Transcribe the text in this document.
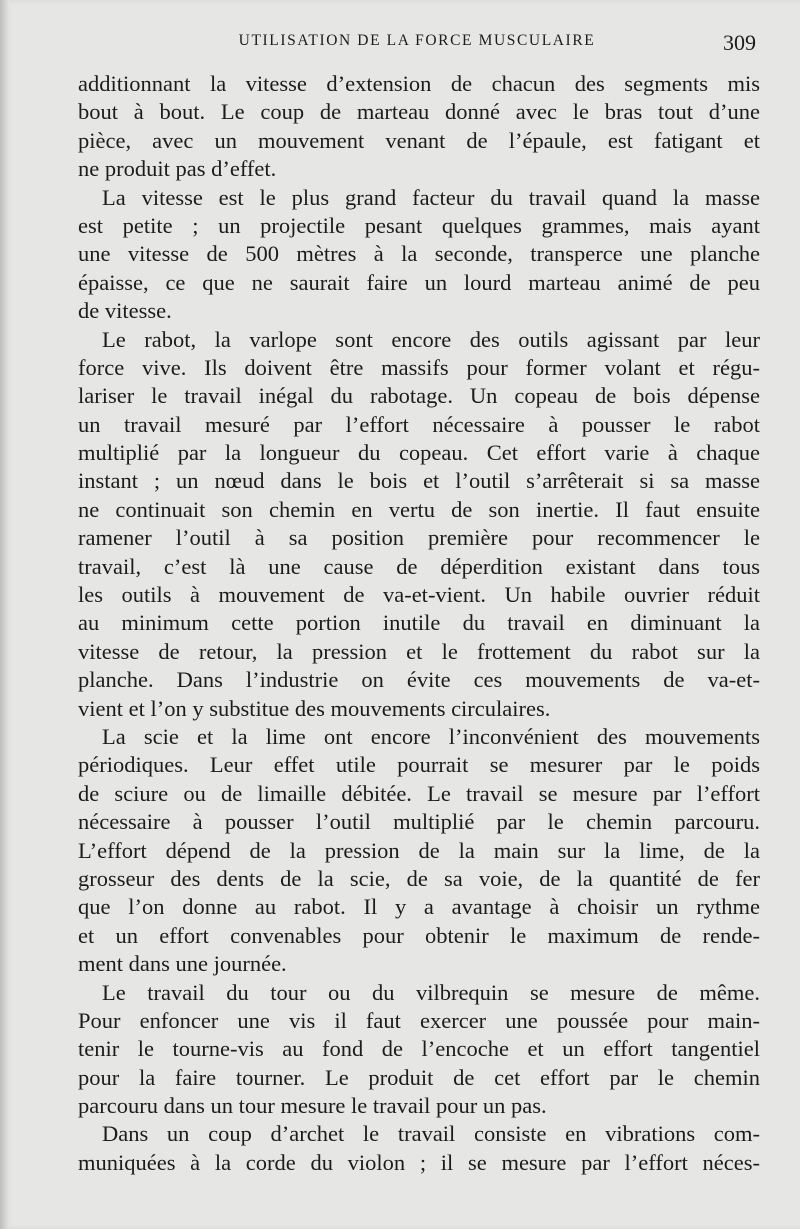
UTILISATION DE LA FORCE MUSCULAIRE	309
additionnant la vitesse d’extension de chacun des segments mis
bout à bout. Le coup de marteau donné avec le bras tout d’une
pièce, avec un mouvement venant de l’épaule, est fatigant et
ne produit pas d’effet.
La vitesse est le plus grand facteur du travail quand la masse
est petite ; un projectile pesant quelques grammes, mais ayant
une vitesse de 500 mètres à la seconde, transperce une planche
épaisse, ce que ne saurait faire un lourd marteau animé de peu
de vitesse.
Le rabot, la varlope sont encore des outils agissant par leur
force vive. Ils doivent être massifs pour former volant et régu-
lariser le travail inégal du rabotage. Un copeau de bois dépense
un travail mesuré par l’effort nécessaire à pousser le rabot
multiplié par la longueur du copeau. Cet effort varie à chaque
instant ; un nœud dans le bois et l’outil s’arrêterait si sa masse
ne continuait son chemin en vertu de son inertie. Il faut ensuite
ramener l’outil à sa position première pour recommencer le
travail, c’est là une cause de déperdition existant dans tous
les outils à mouvement de va-et-vient. Un habile ouvrier réduit
au minimum cette portion inutile du travail en diminuant la
vitesse de retour, la pression et le frottement du rabot sur la
planche. Dans l’industrie on évite ces mouvements de va-et-
vient et l’on y substitue des mouvements circulaires.
La scie et la lime ont encore l’inconvénient des mouvements
périodiques. Leur effet utile pourrait se mesurer par le poids
de sciure ou de limaille débitée. Le travail se mesure par l’effort
nécessaire à pousser l’outil multiplié par le chemin parcouru.
L’effort dépend de la pression de la main sur la lime, de la
grosseur des dents de la scie, de sa voie, de la quantité de fer
que l’on donne au rabot. Il y a avantage à choisir un rythme
et un effort convenables pour obtenir le maximum de rende-
ment dans une journée.
Le travail du tour ou du vilbrequin se mesure de même.
Pour enfoncer une vis il faut exercer une poussée pour main-
tenir le tourne-vis au fond de l’encoche et un effort tangentiel
pour la faire tourner. Le produit de cet effort par le chemin
parcouru dans un tour mesure le travail pour un pas.
Dans un coup d’archet le travail consiste en vibrations com-
muniquées à la corde du violon ; il se mesure par l’effort néces-
